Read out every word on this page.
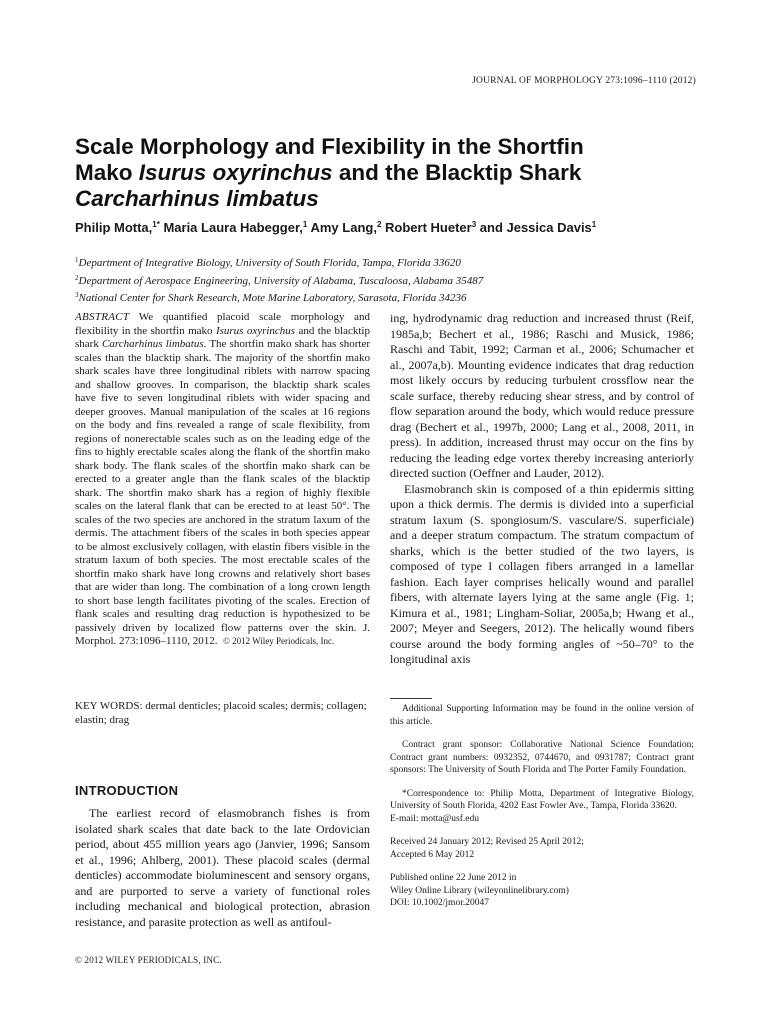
JOURNAL OF MORPHOLOGY 273:1096–1110 (2012)
Scale Morphology and Flexibility in the Shortfin
Mako Isurus oxyrinchus and the Blacktip Shark
Carcharhinus limbatus
Philip Motta,$^{1*}$ Maria Laura Habegger,$^1$ Amy Lang,$^2$ Robert Hueter$^3$ and Jessica Davis$^1$
$^1$Department of Integrative Biology, University of South Florida, Tampa, Florida 33620
$^2$Department of Aerospace Engineering, University of Alabama, Tuscaloosa, Alabama 35487
$^3$National Center for Shark Research, Mote Marine Laboratory, Sarasota, Florida 34236
ABSTRACT We quantified placoid scale morphology and flexibility in the shortfin mako Isurus oxyrinchus and the blacktip shark Carcharhinus limbatus. The shortfin mako shark has shorter scales than the blacktip shark. The majority of the shortfin mako shark scales have three longitudinal riblets with narrow spacing and shallow grooves. In comparison, the blacktip shark scales have five to seven longitudinal riblets with wider spacing and deeper grooves. Manual manipulation of the scales at 16 regions on the body and fins revealed a range of scale flexibility, from regions of nonerectable scales such as on the leading edge of the fins to highly erectable scales along the flank of the shortfin mako shark body. The flank scales of the shortfin mako shark can be erected to a greater angle than the flank scales of the blacktip shark. The shortfin mako shark has a region of highly flexible scales on the lateral flank that can be erected to at least 50°. The scales of the two species are anchored in the stratum laxum of the dermis. The attachment fibers of the scales in both species appear to be almost exclusively collagen, with elastin fibers visible in the stratum laxum of both species. The most erectable scales of the shortfin mako shark have long crowns and relatively short bases that are wider than long. The combination of a long crown length to short base length facilitates pivoting of the scales. Erection of flank scales and resulting drag reduction is hypothesized to be passively driven by localized flow patterns over the skin. J. Morphol. 273:1096–1110, 2012. © 2012 Wiley Periodicals, Inc.
KEY WORDS: dermal denticles; placoid scales; dermis; collagen; elastin; drag
INTRODUCTION

The earliest record of elasmobranch fishes is from isolated shark scales that date back to the late Ordovician period, about 455 million years ago (Janvier, 1996; Sansom et al., 1996; Ahlberg, 2001). These placoid scales (dermal denticles) accommodate bioluminescent and sensory organs, and are purported to serve a variety of functional roles including mechanical and biological protection, abrasion resistance, and parasite protection as well as antifoul-

ing, hydrodynamic drag reduction and increased thrust (Reif, 1985a,b; Bechert et al., 1986; Raschi and Musick, 1986; Raschi and Tabit, 1992; Carman et al., 2006; Schumacher et al., 2007a,b). Mounting evidence indicates that drag reduction most likely occurs by reducing turbulent crossflow near the scale surface, thereby reducing shear stress, and by control of flow separation around the body, which would reduce pressure drag (Bechert et al., 1997b, 2000; Lang et al., 2008, 2011, in press). In addition, increased thrust may occur on the fins by reducing the leading edge vortex thereby increasing anteriorly directed suction (Oeffner and Lauder, 2012).

Elasmobranch skin is composed of a thin epidermis sitting upon a thick dermis. The dermis is divided into a superficial stratum laxum (S. spongiosum/S. vasculare/S. superficiale) and a deeper stratum compactum. The stratum compactum of sharks, which is the better studied of the two layers, is composed of type I collagen fibers arranged in a lamellar fashion. Each layer comprises helically wound and parallel fibers, with alternate layers lying at the same angle (Fig. 1; Kimura et al., 1981; Lingham-Soliar, 2005a,b; Hwang et al., 2007; Meyer and Seegers, 2012). The helically wound fibers course around the body forming angles of ~50–70° to the longitudinal axis

Additional Supporting Information may be found in the online version of this article.

Contract grant sponsor: Collaborative National Science Foundation; Contract grant numbers: 0932352, 0744670, and 0931787; Contract grant sponsors: The University of South Florida and The Porter Family Foundation.

*Correspondence to: Philip Motta, Department of Integrative Biology, University of South Florida, 4202 East Fowler Ave., Tampa, Florida 33620.

E-mail: motta@usf.edu

Received 24 January 2012; Revised 25 April 2012;

Accepted 6 May 2012

Published online 22 June 2012 in

Wiley Online Library (wileyonlinelibrary.com)

DOI: 10.1002/jmor.20047

© 2012 WILEY PERIODICALS, INC.
